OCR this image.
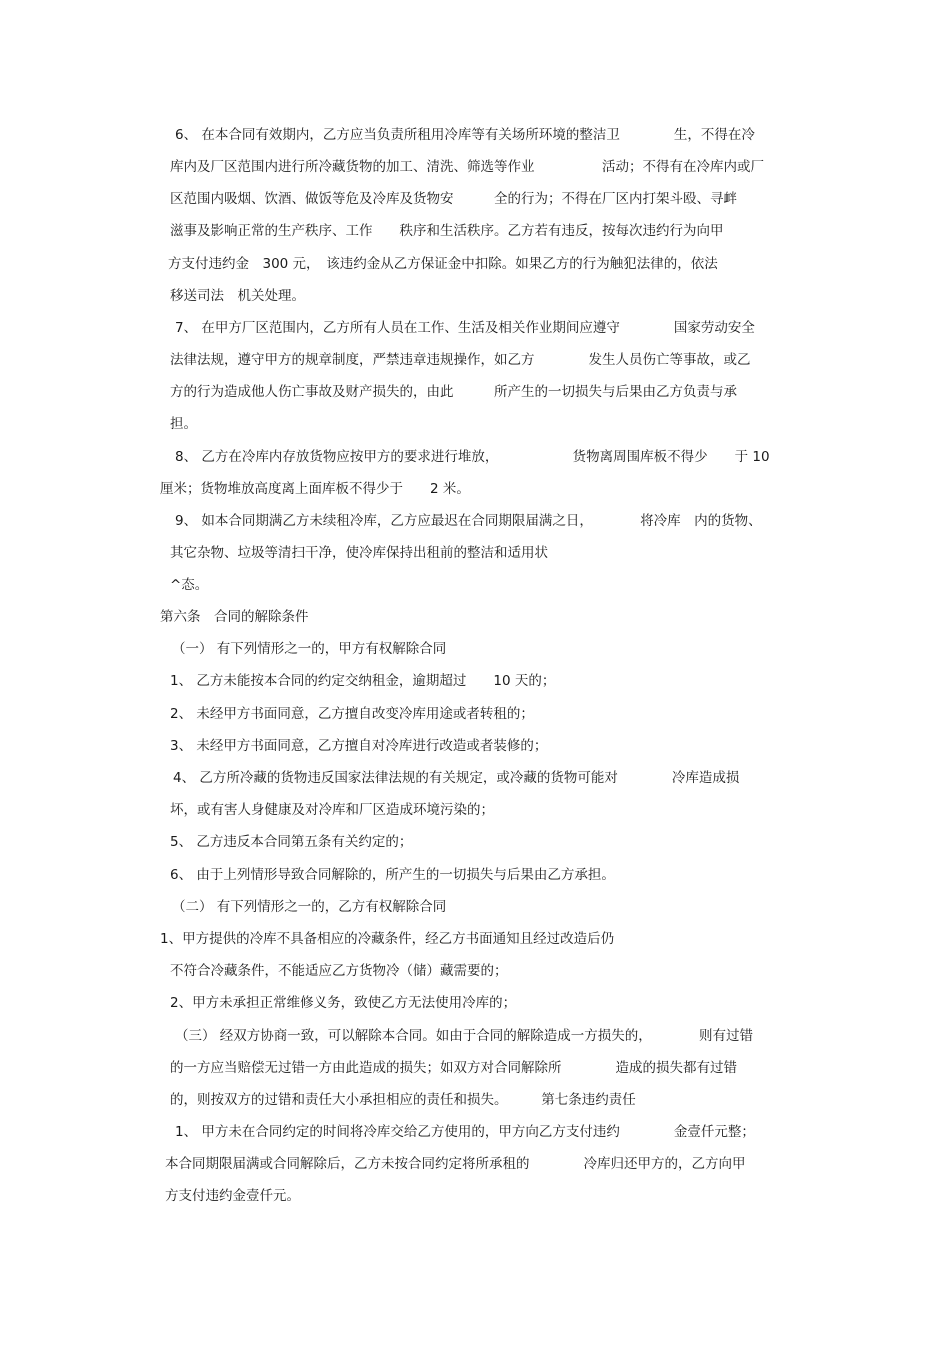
6、 在本合同有效期内，乙方应当负责所租用冷库等有关场所环境的整洁卫　　　　生，不得在冷
库内及厂区范围内进行所冷藏货物的加工、清洗、筛选等作业　　　　　活动；不得有在冷库内或厂
区范围内吸烟、饮酒、做饭等危及冷库及货物安　　　全的行为；不得在厂区内打架斗殴、寻衅
滋事及影响正常的生产秩序、工作　　秩序和生活秩序。乙方若有违反，按每次违约行为向甲
方支付违约金　300 元，　该违约金从乙方保证金中扣除。如果乙方的行为触犯法律的，依法
移送司法　机关处理。
7、 在甲方厂区范围内，乙方所有人员在工作、生活及相关作业期间应遵守　　　　国家劳动安全
法律法规，遵守甲方的规章制度，严禁违章违规操作，如乙方　　　　发生人员伤亡等事故，或乙
方的行为造成他人伤亡事故及财产损失的，由此　　　所产生的一切损失与后果由乙方负责与承
担。
8、 乙方在冷库内存放货物应按甲方的要求进行堆放，　　　　　　货物离周围库板不得少　　于 10
厘米；货物堆放高度离上面库板不得少于　　2 米。
9、 如本合同期满乙方未续租冷库，乙方应最迟在合同期限届满之日，　　　　将冷库　内的货物、
其它杂物、垃圾等清扫干净，使冷库保持出租前的整洁和适用状
^态。
第六条　合同的解除条件
（一） 有下列情形之一的，甲方有权解除合同
1、 乙方未能按本合同的约定交纳租金，逾期超过　　10 天的；
2、 未经甲方书面同意，乙方擅自改变冷库用途或者转租的；
3、 未经甲方书面同意，乙方擅自对冷库进行改造或者装修的；
4、 乙方所冷藏的货物违反国家法律法规的有关规定，或冷藏的货物可能对　　　　冷库造成损
坏，或有害人身健康及对冷库和厂区造成环境污染的；
5、 乙方违反本合同第五条有关约定的；
6、 由于上列情形导致合同解除的，所产生的一切损失与后果由乙方承担。
（二） 有下列情形之一的，乙方有权解除合同
1、甲方提供的冷库不具备相应的冷藏条件，经乙方书面通知且经过改造后仍
不符合冷藏条件，不能适应乙方货物冷（储）藏需要的；
2、甲方未承担正常维修义务，致使乙方无法使用冷库的；
（三） 经双方协商一致，可以解除本合同。如由于合同的解除造成一方损失的，　　　　则有过错
的一方应当赔偿无过错一方由此造成的损失；如双方对合同解除所　　　　造成的损失都有过错
的，则按双方的过错和责任大小承担相应的责任和损失。　　　第七条违约责任
1、 甲方未在合同约定的时间将冷库交给乙方使用的，甲方向乙方支付违约　　　　金壹仟元整；
本合同期限届满或合同解除后，乙方未按合同约定将所承租的　　　　冷库归还甲方的，乙方向甲
方支付违约金壹仟元。
